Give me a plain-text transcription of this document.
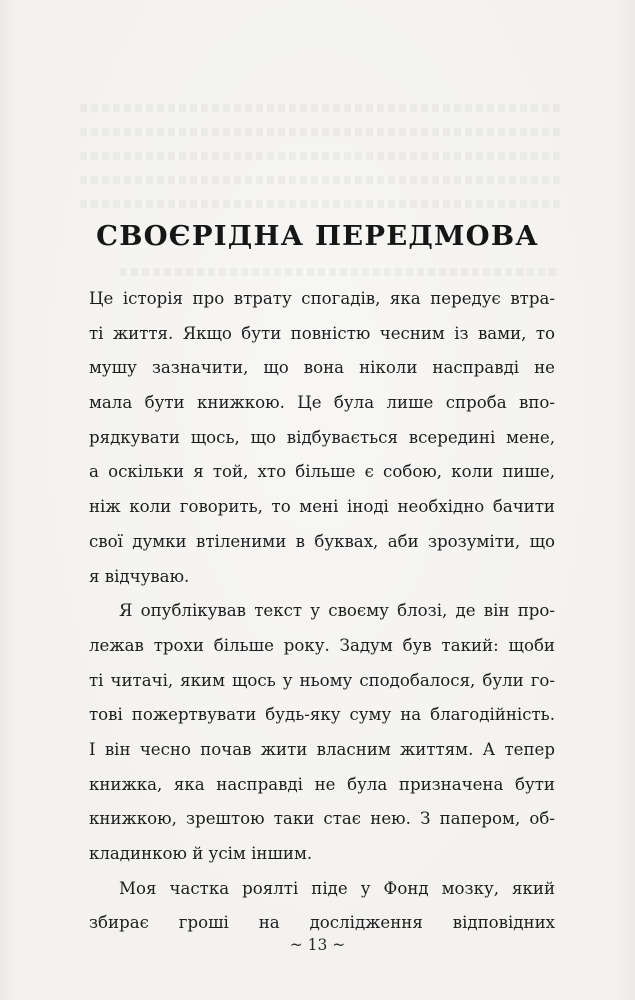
СВОЄРІДНА ПЕРЕДМОВА
Це історія про втрату спогадів, яка передує втра-
ті життя. Якщо бути повністю чесним із вами, то
мушу зазначити, що вона ніколи насправді не
мала бути книжкою. Це була лише спроба впо-
рядкувати щось, що відбувається всередині мене,
а оскільки я той, хто більше є собою, коли пише,
ніж коли говорить, то мені іноді необхідно бачити
свої думки втіленими в буквах, аби зрозуміти, що
я відчуваю.
Я опублікував текст у своєму блозі, де він про-
лежав трохи більше року. Задум був такий: щоби
ті читачі, яким щось у ньому сподобалося, були го-
тові пожертвувати будь-яку суму на благодійність.
І він чесно почав жити власним життям. А тепер
книжка, яка насправді не була призначена бути
книжкою, зрештою таки стає нею. З папером, об-
кладинкою й усім іншим.
Моя частка роялті піде у Фонд мозку, який
збирає гроші на дослідження відповідних
~ 13 ~
